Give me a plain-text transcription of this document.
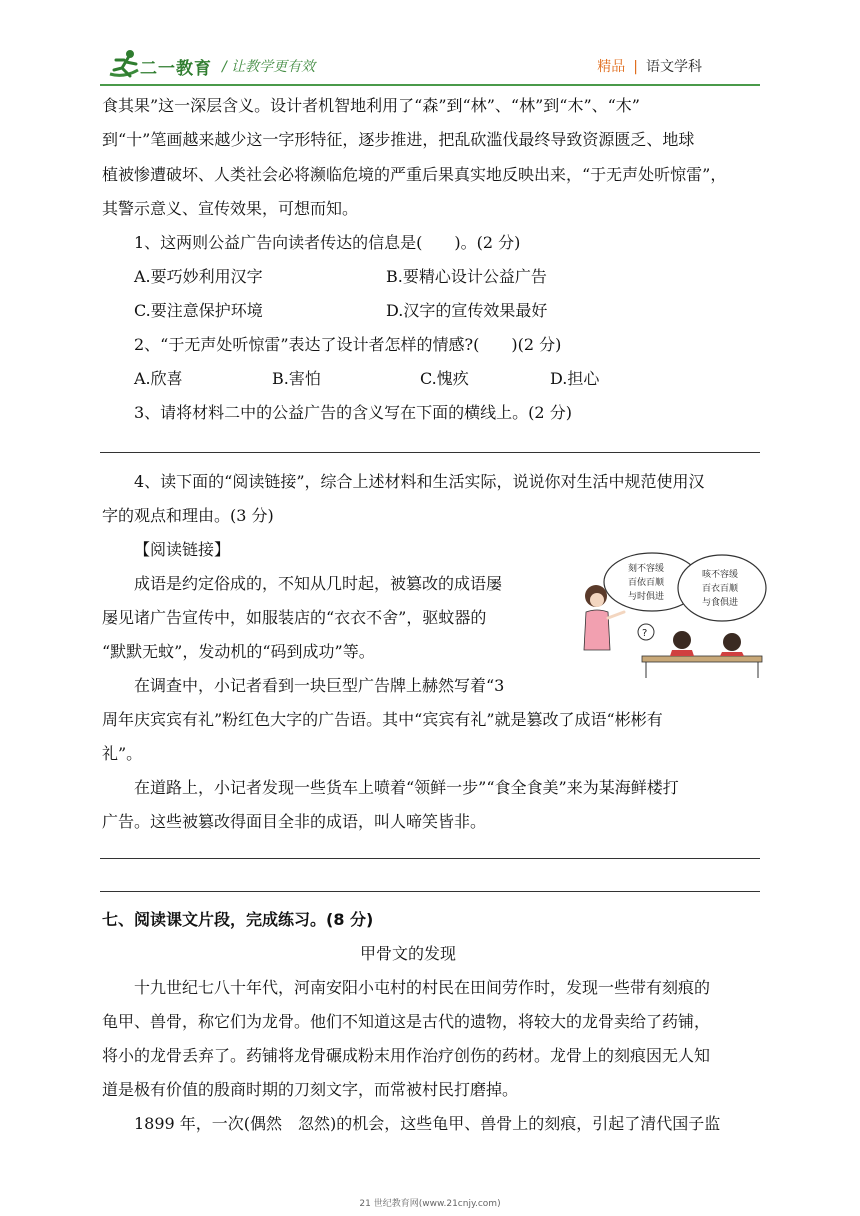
二一教育 / 让教学更有效	精品 | 语文学科
食其果”这一深层含义。设计者机智地利用了“森”到“林”、“林”到“木”、“木”
到“十”笔画越来越少这一字形特征，逐步推进，把乱砍滥伐最终导致资源匮乏、地球
植被惨遭破坏、人类社会必将濒临危境的严重后果真实地反映出来，“于无声处听惊雷”，
其警示意义、宣传效果，可想而知。
1、这两则公益广告向读者传达的信息是(　　)。(2 分)
A.要巧妙利用汉字	B.要精心设计公益广告
C.要注意保护环境	D.汉字的宣传效果最好
2、“于无声处听惊雷”表达了设计者怎样的情感?(　　)(2 分)
A.欣喜	B.害怕	C.愧疚	D.担心
3、请将材料二中的公益广告的含义写在下面的横线上。(2 分)
4、读下面的“阅读链接”，综合上述材料和生活实际，说说你对生活中规范使用汉
字的观点和理由。(3 分)
【阅读链接】
成语是约定俗成的，不知从几时起，被篡改的成语屡
屡见诸广告宣传中，如服装店的“衣衣不舍”，驱蚊器的
“默默无蚊”，发动机的“码到成功”等。
在调查中，小记者看到一块巨型广告牌上赫然写着“3
周年庆宾宾有礼”粉红色大字的广告语。其中“宾宾有礼”就是篡改了成语“彬彬有
礼”。
在道路上，小记者发现一些货车上喷着“领鲜一步”“食全食美”来为某海鲜楼打
广告。这些被篡改得面目全非的成语，叫人啼笑皆非。
刻不容缓
百依百顺
与时俱进
咳不容缓
百衣百顺
与食俱进
?
七、阅读课文片段，完成练习。(8 分)
甲骨文的发现
十九世纪七八十年代，河南安阳小屯村的村民在田间劳作时，发现一些带有刻痕的
龟甲、兽骨，称它们为龙骨。他们不知道这是古代的遗物，将较大的龙骨卖给了药铺，
将小的龙骨丢弃了。药铺将龙骨碾成粉末用作治疗创伤的药材。龙骨上的刻痕因无人知
道是极有价值的殷商时期的刀刻文字，而常被村民打磨掉。
1899 年，一次(偶然　忽然)的机会，这些龟甲、兽骨上的刻痕，引起了清代国子监
21 世纪教育网(www.21cnjy.com)
